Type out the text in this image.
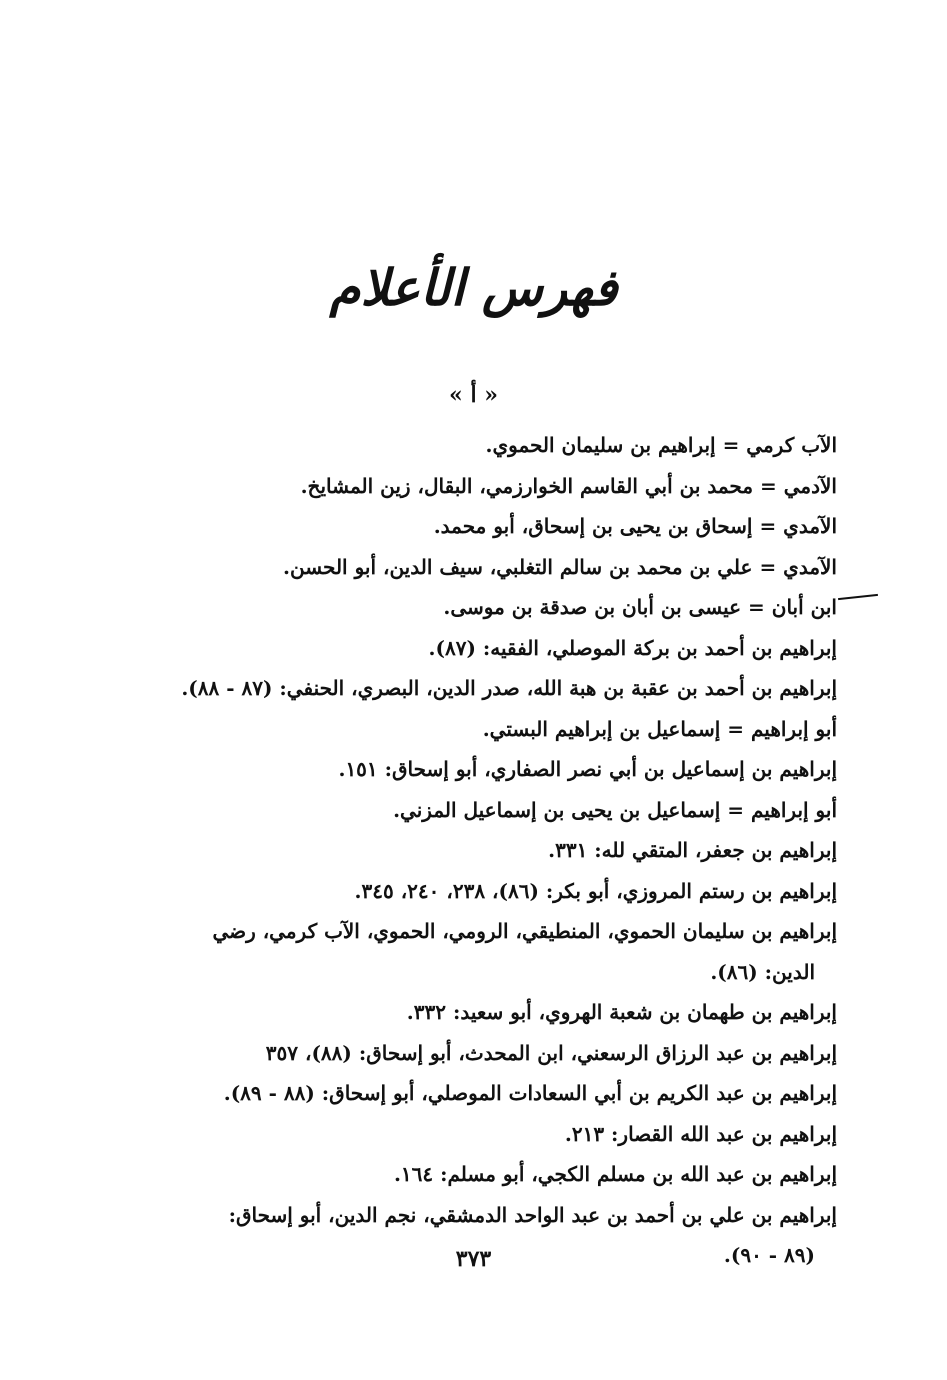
فهرس الأعلام
« أ »

الآب كرمي = إبراهيم بن سليمان الحموي.

الآدمي = محمد بن أبي القاسم الخوارزمي، البقال، زين المشايخ.

الآمدي = إسحاق بن يحيى بن إسحاق، أبو محمد.

الآمدي = علي بن محمد بن سالم التغلبي، سيف الدين، أبو الحسن.

ابن أبان = عيسى بن أبان بن صدقة بن موسى.

إبراهيم بن أحمد بن بركة الموصلي، الفقيه: (٨٧).

إبراهيم بن أحمد بن عقبة بن هبة الله، صدر الدين، البصري، الحنفي: (٨٧ - ٨٨).

أبو إبراهيم = إسماعيل بن إبراهيم البستي.

إبراهيم بن إسماعيل بن أبي نصر الصفاري، أبو إسحاق: ١٥١.

أبو إبراهيم = إسماعيل بن يحيى بن إسماعيل المزني.

إبراهيم بن جعفر، المتقي لله: ٣٣١.

إبراهيم بن رستم المروزي، أبو بكر: (٨٦)، ٢٣٨، ٢٤٠، ٣٤٥.

إبراهيم بن سليمان الحموي، المنطيقي، الرومي، الحموي، الآب كرمي، رضي
الدين: (٨٦).

إبراهيم بن طهمان بن شعبة الهروي، أبو سعيد: ٣٣٢.

إبراهيم بن عبد الرزاق الرسعني، ابن المحدث، أبو إسحاق: (٨٨)، ٣٥٧

إبراهيم بن عبد الكريم بن أبي السعادات الموصلي، أبو إسحاق: (٨٨ - ٨٩).

إبراهيم بن عبد الله القصار: ٢١٣.

إبراهيم بن عبد الله بن مسلم الكجي، أبو مسلم: ١٦٤.

إبراهيم بن علي بن أحمد بن عبد الواحد الدمشقي، نجم الدين، أبو إسحاق:
(٨٩ - ٩٠).

٣٧٣
